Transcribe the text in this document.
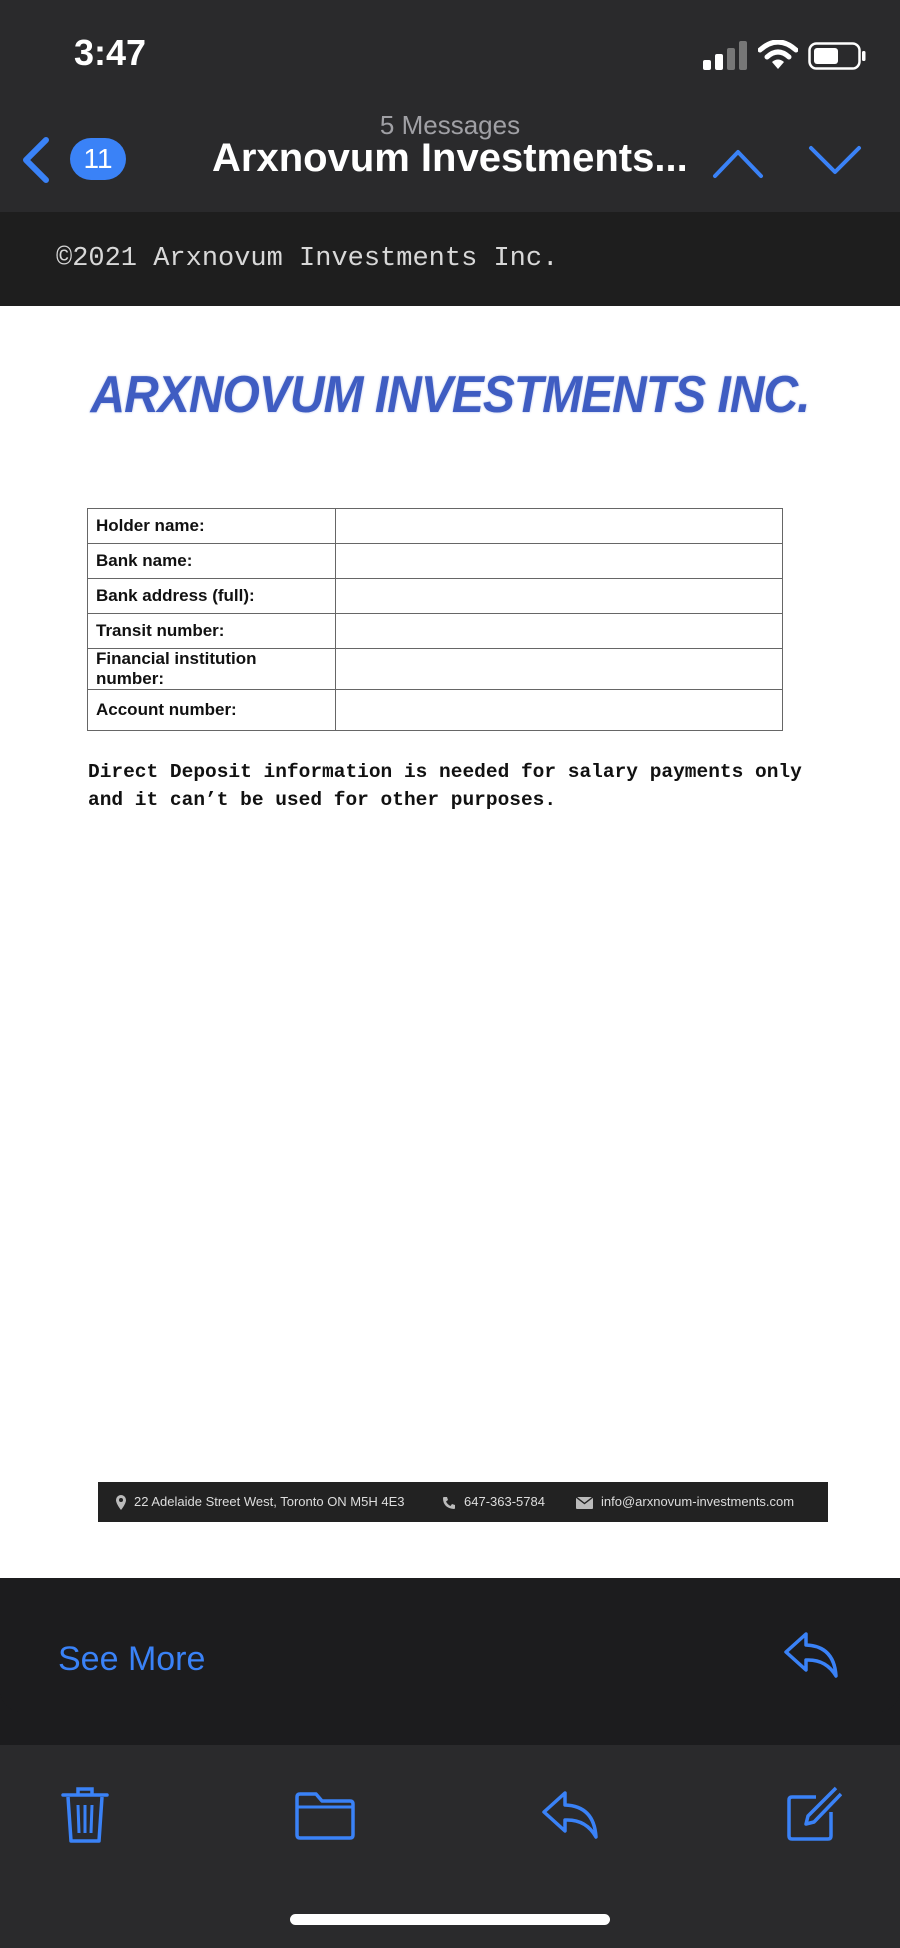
3:47
5 Messages
11	Arxnovum Investments...
©2021 Arxnovum Investments Inc.
ARXNOVUM INVESTMENTS INC.
Holder name:	
Bank name:	
Bank address (full):	
Transit number:	
Financial institution number:	
Account number:	
Direct Deposit information is needed for salary payments only and it can’t be used for other purposes.
22 Adelaide Street West, Toronto ON M5H 4E3	647-363-5784	info@arxnovum-investments.com
See More
